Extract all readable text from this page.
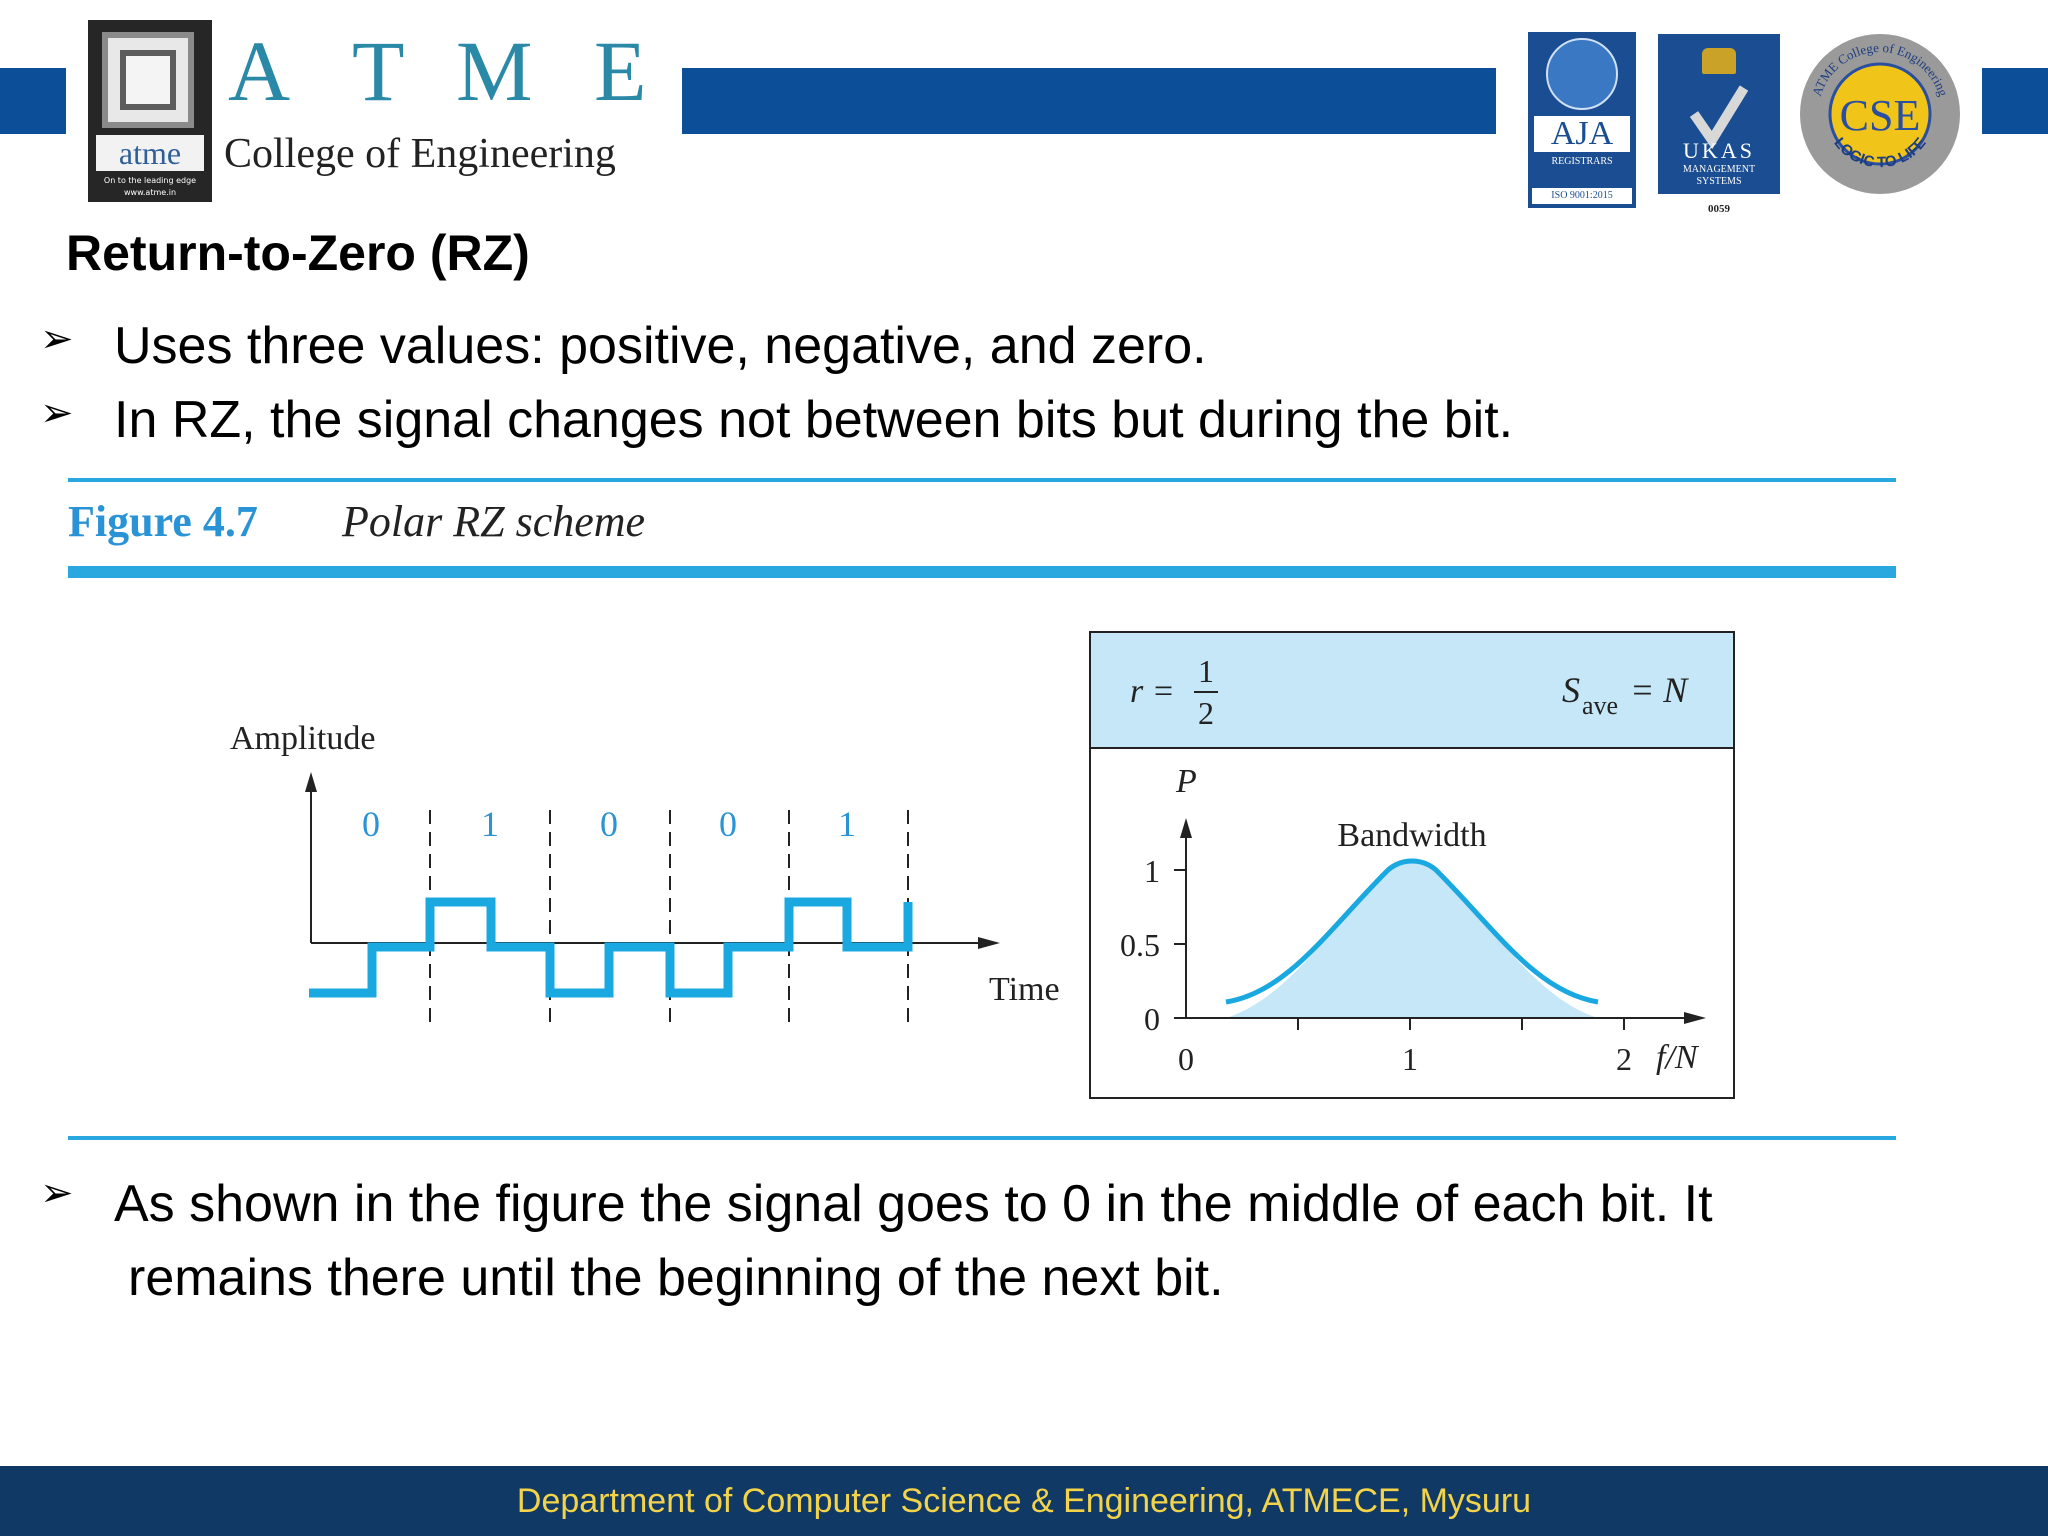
atme
On to the leading edge
www.atme.in
A T M E
College of Engineering	AJA
REGISTRARS
ISO 9001:2015
UKAS
MANAGEMENT
SYSTEMS
0059
CSE
ATME College of Engineering
LOGIC TO LIFE
Return-to-Zero (RZ)
➢ Uses three values: positive, negative, and zero.
➢ In RZ, the signal changes not between bits but during the bit.
Figure 4.7 Polar RZ scheme
Amplitude
Time
0	1	0	0	1
r =
1
2
S ave = N
P
Bandwidth
1
0.5
0
0	1	2 f/N
➢ As shown in the figure the signal goes to 0 in the middle of each bit. It
remains there until the beginning of the next bit.
Department of Computer Science & Engineering, ATMECE, Mysuru
